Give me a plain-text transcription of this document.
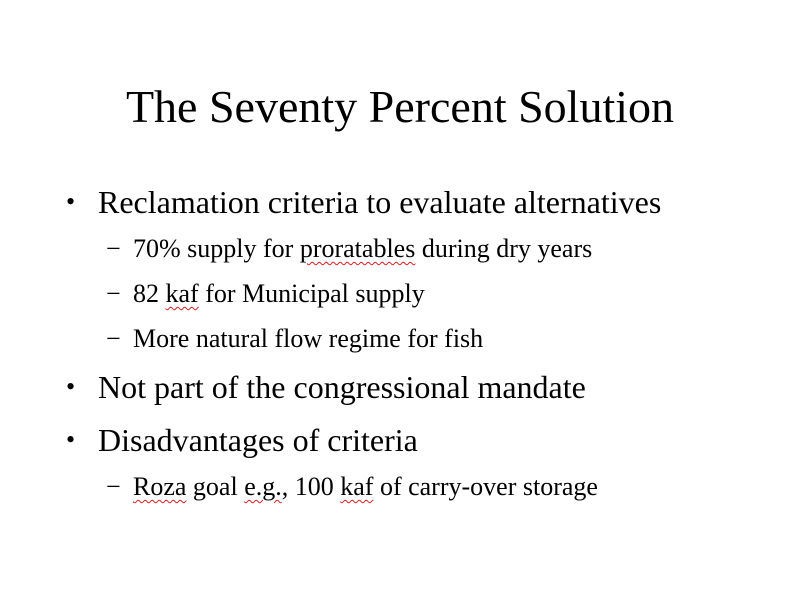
The Seventy Percent Solution
• Reclamation criteria to evaluate alternatives
− 70% supply for proratables during dry years
− 82 kaf for Municipal supply
− More natural flow regime for fish
• Not part of the congressional mandate
• Disadvantages of criteria
− Roza goal e.g., 100 kaf of carry-over storage
